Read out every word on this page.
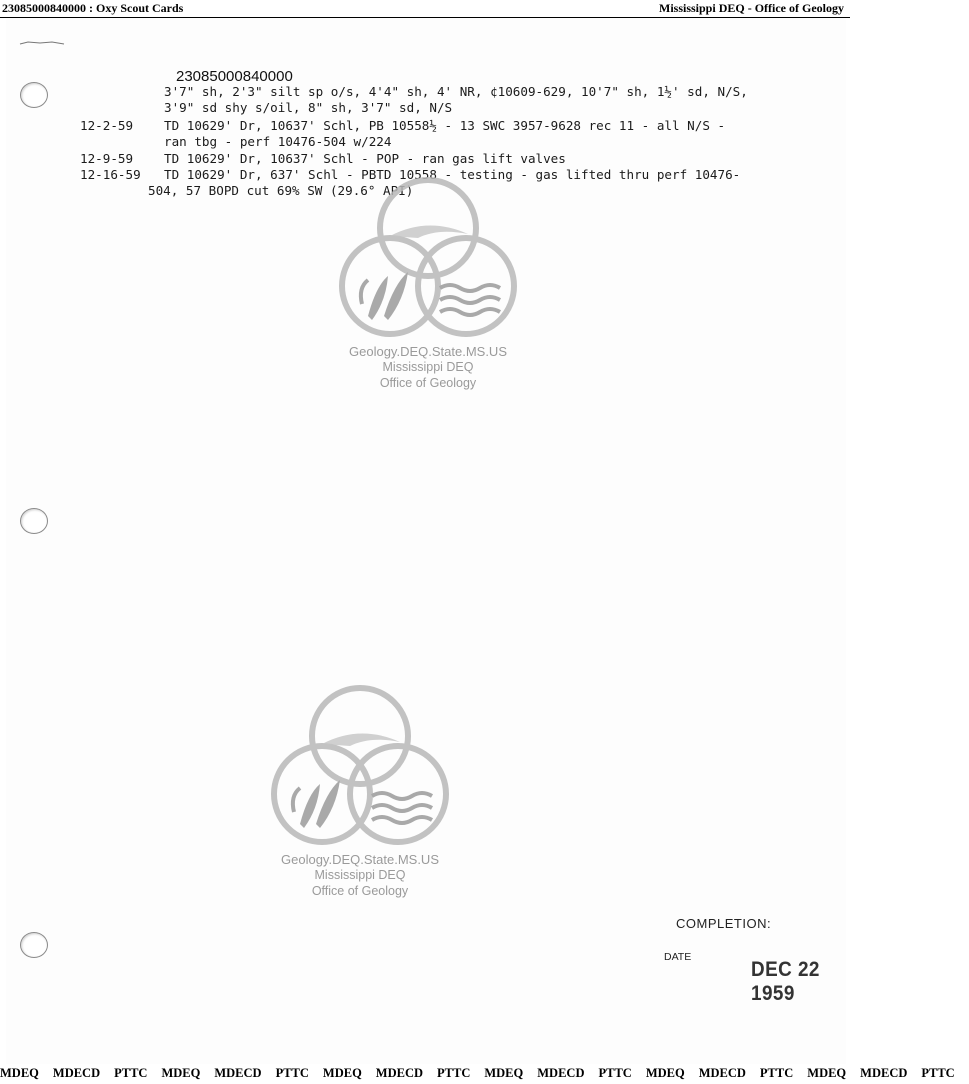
23085000840000 : Oxy Scout Cards	Mississippi DEQ - Office of Geology
23085000840000
3'7" sh, 2'3" silt sp o/s, 4'4" sh, 4' NR, ¢10609-629, 10'7" sh, 1½' sd, N/S,
3'9" sd shy s/oil, 8" sh, 3'7" sd, N/S
12-2-59 TD 10629' Dr, 10637' Schl, PB 10558½ - 13 SWC 3957-9628 rec 11 - all N/S -
ran tbg - perf 10476-504 w/224
12-9-59 TD 10629' Dr, 10637' Schl - POP - ran gas lift valves
12-16-59 TD 10629' Dr, 637' Schl - PBTD 10558 - testing - gas lifted thru perf 10476-
504, 57 BOPD cut 69% SW (29.6° API)
Geology.DEQ.State.MS.US
Mississippi DEQ
Office of Geology
Geology.DEQ.State.MS.US
Mississippi DEQ
Office of Geology
COMPLETION:
DATE
DEC 22 1959
MDEQ MDECD PTTC MDEQ MDECD PTTC MDEQ MDECD PTTC MDEQ MDECD PTTC MDEQ MDECD PTTC MDEQ MDECD PTTC
